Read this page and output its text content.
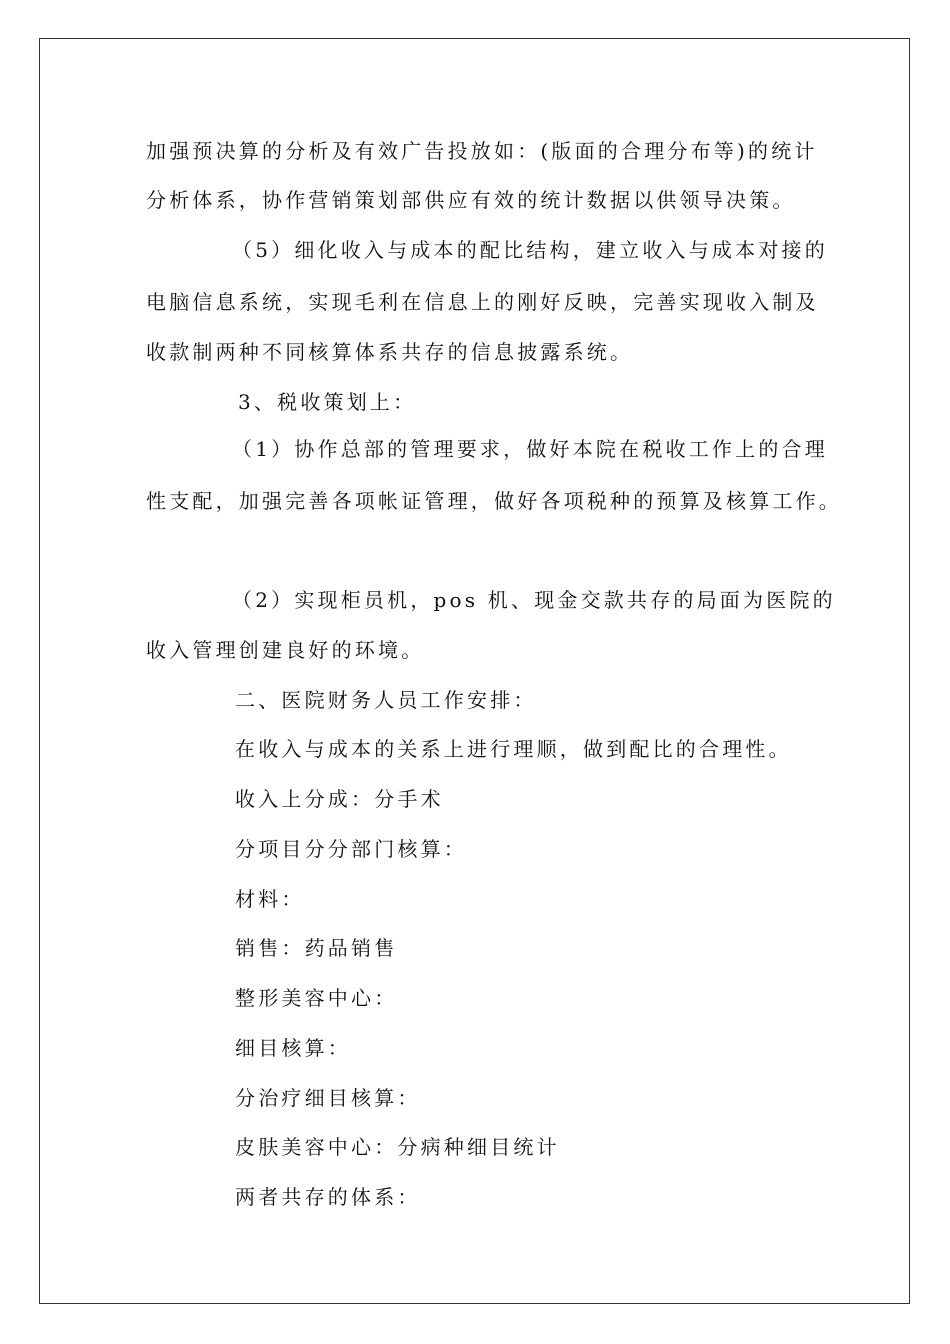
加强预决算的分析及有效广告投放如：(版面的合理分布等)的统计
分析体系，协作营销策划部供应有效的统计数据以供领导决策。
（5）细化收入与成本的配比结构，建立收入与成本对接的
电脑信息系统，实现毛利在信息上的刚好反映，完善实现收入制及
收款制两种不同核算体系共存的信息披露系统。
3、税收策划上：
（1）协作总部的管理要求，做好本院在税收工作上的合理
性支配，加强完善各项帐证管理，做好各项税种的预算及核算工作。
（2）实现柜员机，pos 机、现金交款共存的局面为医院的
收入管理创建良好的环境。
二、医院财务人员工作安排：
在收入与成本的关系上进行理顺，做到配比的合理性。
收入上分成：分手术
分项目分分部门核算：
材料：
销售：药品销售
整形美容中心：
细目核算：
分治疗细目核算：
皮肤美容中心：分病种细目统计
两者共存的体系：
